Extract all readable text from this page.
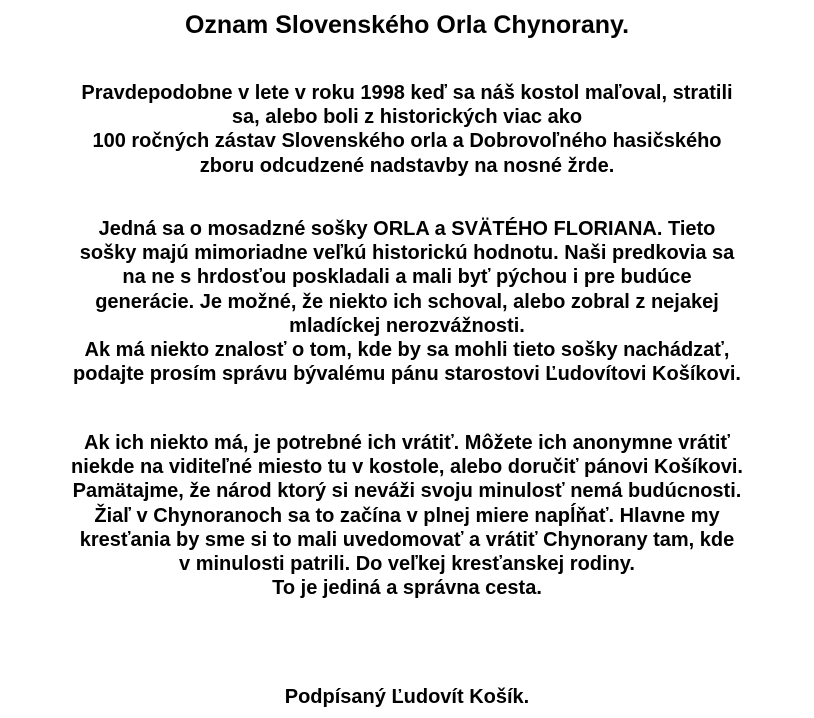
Oznam Slovenského Orla Chynorany.
Pravdepodobne v lete v roku 1998 keď sa náš kostol maľoval, stratili
sa, alebo boli z historických viac ako
100 ročných zástav Slovenského orla a Dobrovoľného hasičského
zboru odcudzené nadstavby na nosné žrde.
Jedná sa o mosadzné sošky ORLA a SVÄTÉHO FLORIANA. Tieto
sošky majú mimoriadne veľkú historickú hodnotu. Naši predkovia sa
na ne s hrdosťou poskladali a mali byť pýchou i pre budúce
generácie. Je možné, že niekto ich schoval, alebo zobral z nejakej
mladíckej nerozvážnosti.
Ak má niekto znalosť o tom, kde by sa mohli tieto sošky nachádzať,
podajte prosím správu bývalému pánu starostovi Ľudovítovi Košíkovi.
Ak ich niekto má, je potrebné ich vrátiť. Môžete ich anonymne vrátiť
niekde na viditeľné miesto tu v kostole, alebo doručiť pánovi Košíkovi.
Pamätajme, že národ ktorý si neváži svoju minulosť nemá budúcnosti.
Žiaľ v Chynoranoch sa to začína v plnej miere napĺňať. Hlavne my
kresťania by sme si to mali uvedomovať a vrátiť Chynorany tam, kde
v minulosti patrili. Do veľkej kresťanskej rodiny.
To je jediná a správna cesta.
Podpísaný Ľudovít Košík.
